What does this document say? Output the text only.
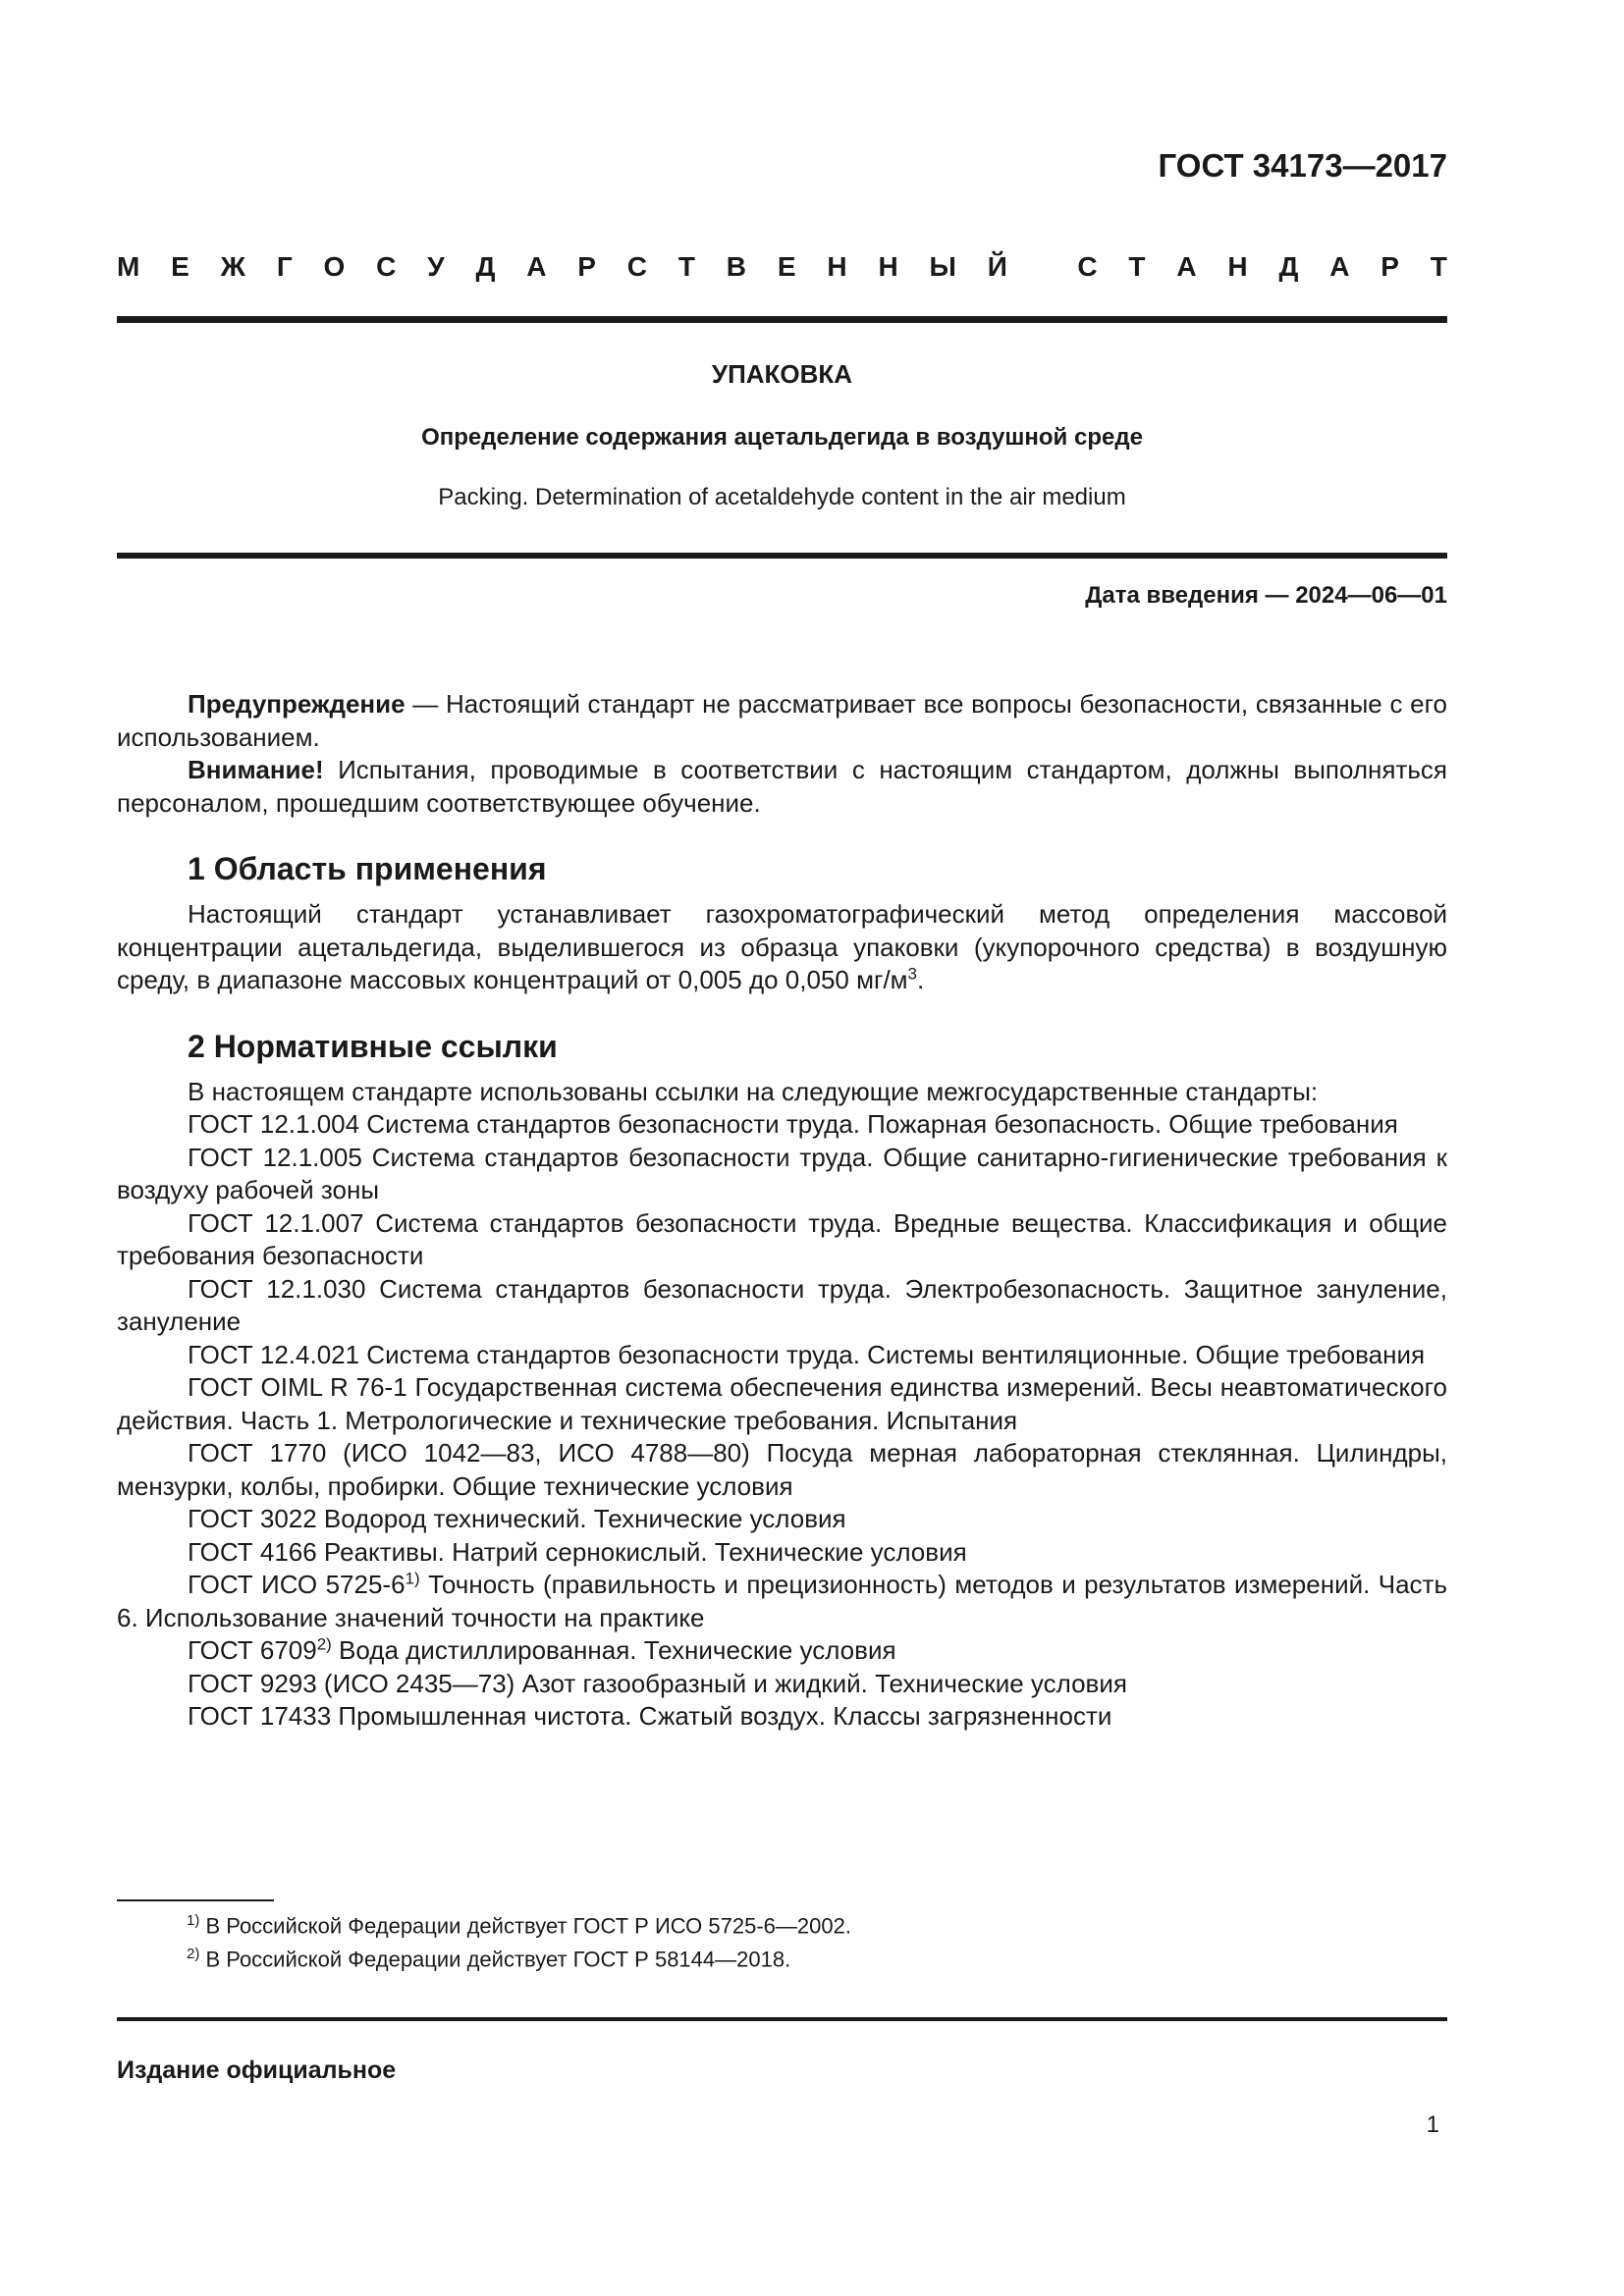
ГОСТ 34173—2017
М Е Ж Г О С У Д А Р С Т В Е Н Н Ы Й
	С Т А Н Д А Р Т
УПАКОВКА
Определение содержания ацетальдегида в воздушной среде
Packing. Determination of acetaldehyde content in the air medium
Дата введения — 2024—06—01

Предупреждение — Настоящий стандарт не рассматривает все вопросы безопасности, связанные с его использованием.

Внимание! Испытания, проводимые в соответствии с настоящим стандартом, должны выполняться персоналом, прошедшим соответствующее обучение.

1 Область применения

Настоящий стандарт устанавливает газохроматографический метод определения массовой концентрации ацетальдегида, выделившегося из образца упаковки (укупорочного средства) в воздушную среду, в диапазоне массовых концентраций от 0,005 до 0,050 $мг/м^3$.

2 Нормативные ссылки

В настоящем стандарте использованы ссылки на следующие межгосударственные стандарты:

ГОСТ 12.1.004 Система стандартов безопасности труда. Пожарная безопасность. Общие требования

ГОСТ 12.1.005 Система стандартов безопасности труда. Общие санитарно-гигиенические требования к воздуху рабочей зоны

ГОСТ 12.1.007 Система стандартов безопасности труда. Вредные вещества. Классификация и общие требования безопасности

ГОСТ 12.1.030 Система стандартов безопасности труда. Электробезопасность. Защитное зануление, зануление

ГОСТ 12.4.021 Система стандартов безопасности труда. Системы вентиляционные. Общие требования

ГОСТ OIML R 76-1 Государственная система обеспечения единства измерений. Весы неавтоматического действия. Часть 1. Метрологические и технические требования. Испытания

ГОСТ 1770 (ИСО 1042—83, ИСО 4788—80) Посуда мерная лабораторная стеклянная. Цилиндры, мензурки, колбы, пробирки. Общие технические условия

ГОСТ 3022 Водород технический. Технические условия

ГОСТ 4166 Реактивы. Натрий сернокислый. Технические условия

ГОСТ ИСО 5725-6$^{1)}$ Точность (правильность и прецизионность) методов и результатов измерений. Часть 6. Использование значений точности на практике

ГОСТ 6709$^{2)}$ Вода дистиллированная. Технические условия

ГОСТ 9293 (ИСО 2435—73) Азот газообразный и жидкий. Технические условия

ГОСТ 17433 Промышленная чистота. Сжатый воздух. Классы загрязненности

$^{1)}$ В Российской Федерации действует ГОСТ Р ИСО 5725-6—2002.
$^{2)}$ В Российской Федерации действует ГОСТ Р 58144—2018.
Издание официальное
1
